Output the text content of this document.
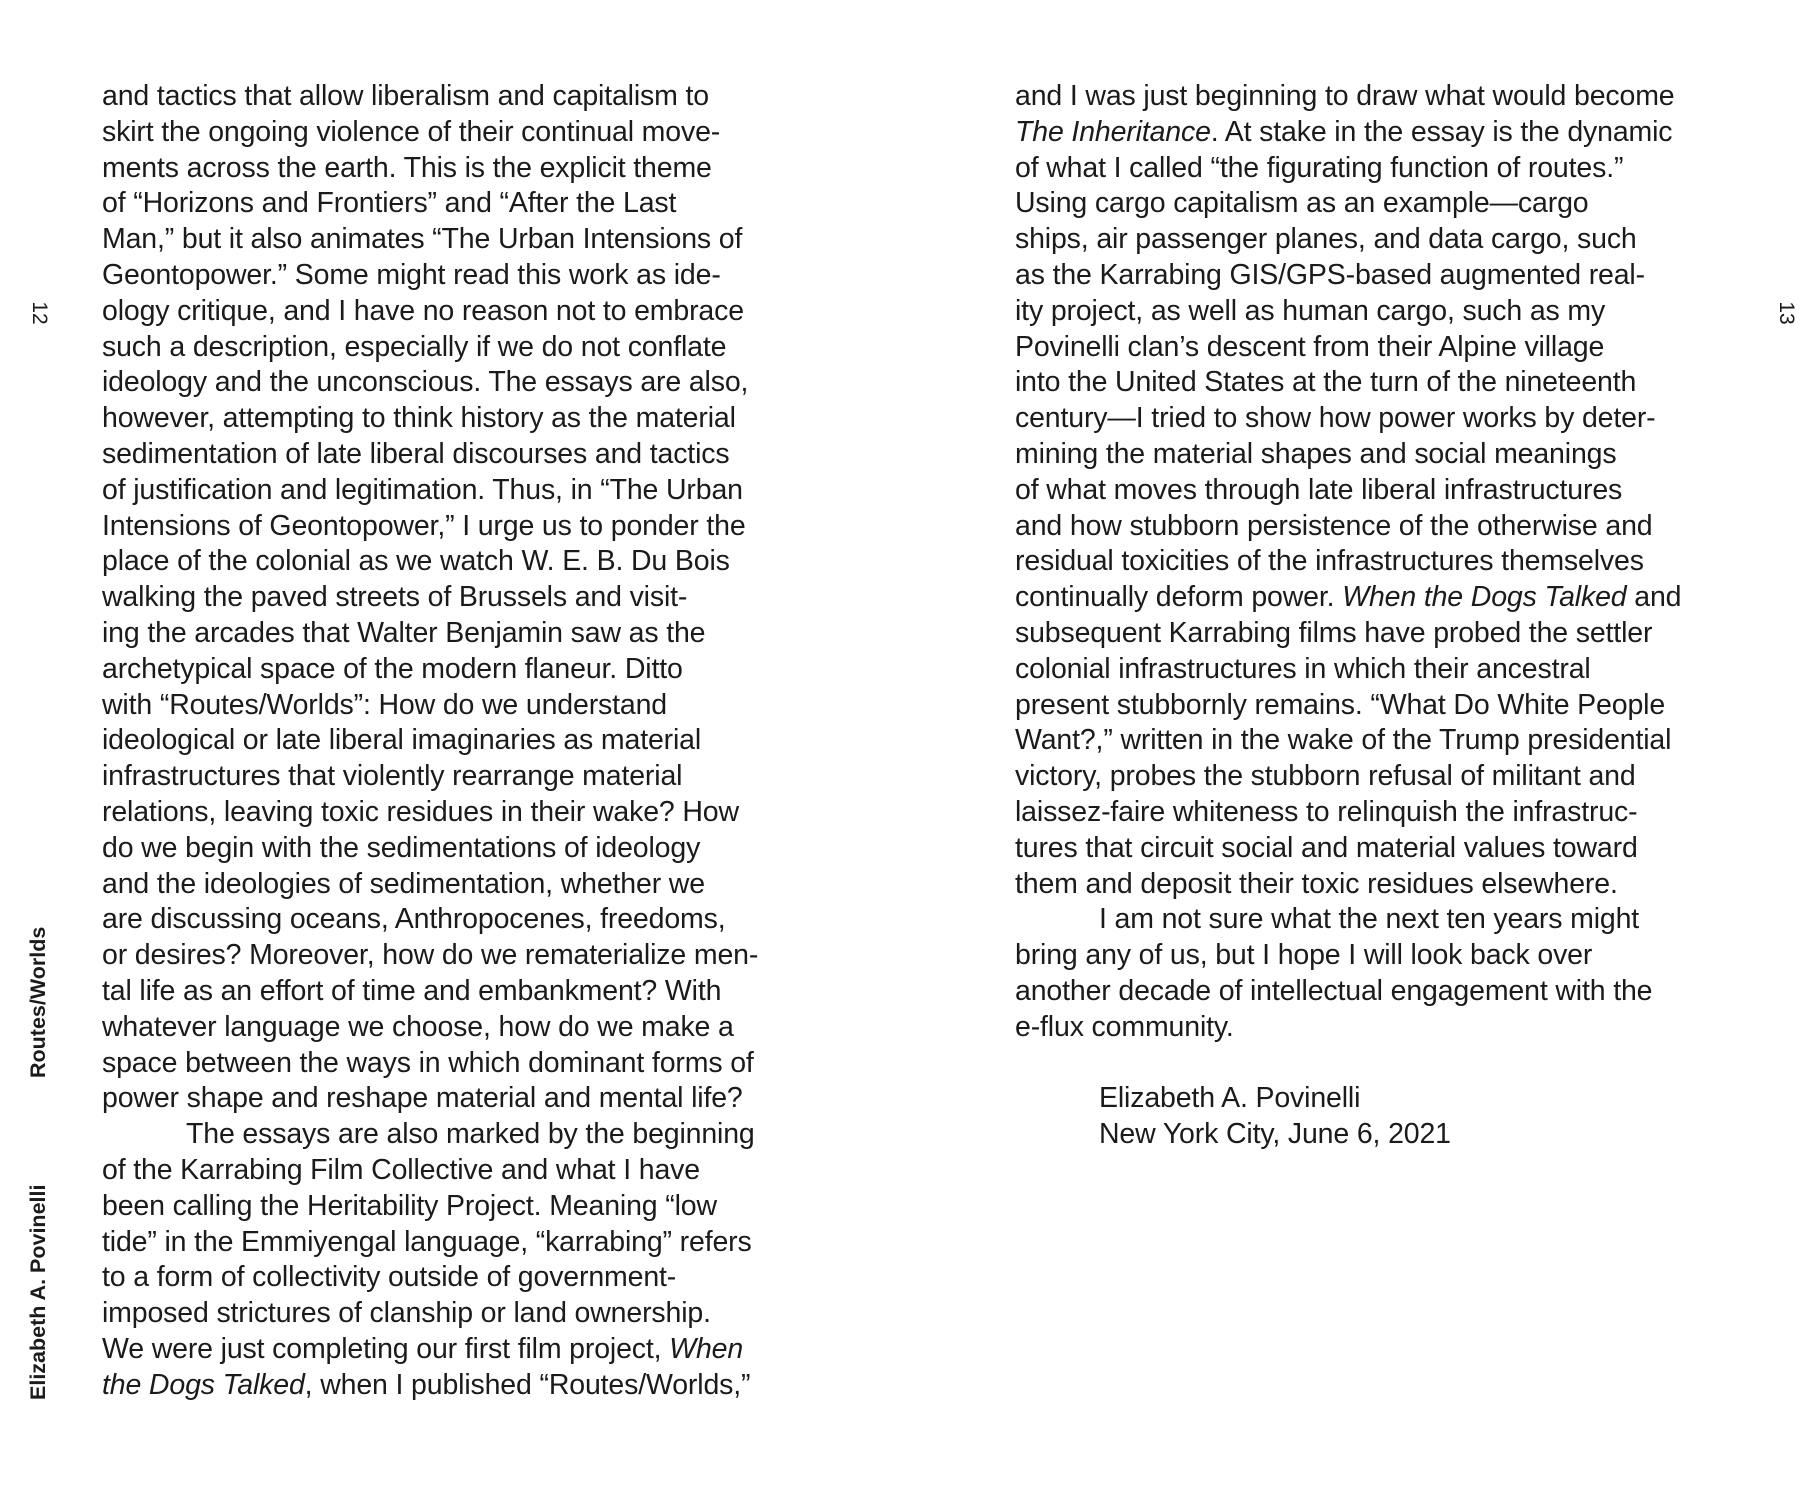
12
Routes/Worlds
Elizabeth A. Povinelli
and tactics that allow liberalism and capitalism to
skirt the ongoing violence of their continual move-
ments across the earth. This is the explicit theme
of “Horizons and Frontiers” and “After the Last
Man,” but it also animates “The Urban Intensions of
Geontopower.” Some might read this work as ide-
ology critique, and I have no reason not to embrace
such a description, especially if we do not conflate
ideology and the unconscious. The essays are also,
however, attempting to think history as the material
sedimentation of late liberal discourses and tactics
of justification and legitimation. Thus, in “The Urban
Intensions of Geontopower,” I urge us to ponder the
place of the colonial as we watch W. E. B. Du Bois
walking the paved streets of Brussels and visit-
ing the arcades that Walter Benjamin saw as the
archetypical space of the modern flaneur. Ditto
with “Routes/Worlds”: How do we understand
ideological or late liberal imaginaries as material
infrastructures that violently rearrange material
relations, leaving toxic residues in their wake? How
do we begin with the sedimentations of ideology
and the ideologies of sedimentation, whether we
are discussing oceans, Anthropocenes, freedoms,
or desires? Moreover, how do we rematerialize men-
tal life as an effort of time and embankment? With
whatever language we choose, how do we make a
space between the ways in which dominant forms of
power shape and reshape material and mental life?
The essays are also marked by the beginning
of the Karrabing Film Collective and what I have
been calling the Heritability Project. Meaning “low
tide” in the Emmiyengal language, “karrabing” refers
to a form of collectivity outside of government-
imposed strictures of clanship or land ownership.
We were just completing our first film project, When
the Dogs Talked, when I published “Routes/Worlds,”
13
and I was just beginning to draw what would become
The Inheritance. At stake in the essay is the dynamic
of what I called “the figurating function of routes.”
Using cargo capitalism as an example—cargo
ships, air passenger planes, and data cargo, such
as the Karrabing GIS/GPS-based augmented real-
ity project, as well as human cargo, such as my
Povinelli clan’s descent from their Alpine village
into the United States at the turn of the nineteenth
century—I tried to show how power works by deter-
mining the material shapes and social meanings
of what moves through late liberal infrastructures
and how stubborn persistence of the otherwise and
residual toxicities of the infrastructures themselves
continually deform power. When the Dogs Talked and
subsequent Karrabing films have probed the settler
colonial infrastructures in which their ancestral
present stubbornly remains. “What Do White People
Want?,” written in the wake of the Trump presidential
victory, probes the stubborn refusal of militant and
laissez-faire whiteness to relinquish the infrastruc-
tures that circuit social and material values toward
them and deposit their toxic residues elsewhere.
I am not sure what the next ten years might
bring any of us, but I hope I will look back over
another decade of intellectual engagement with the
e-flux community.
Elizabeth A. Povinelli
New York City, June 6, 2021
